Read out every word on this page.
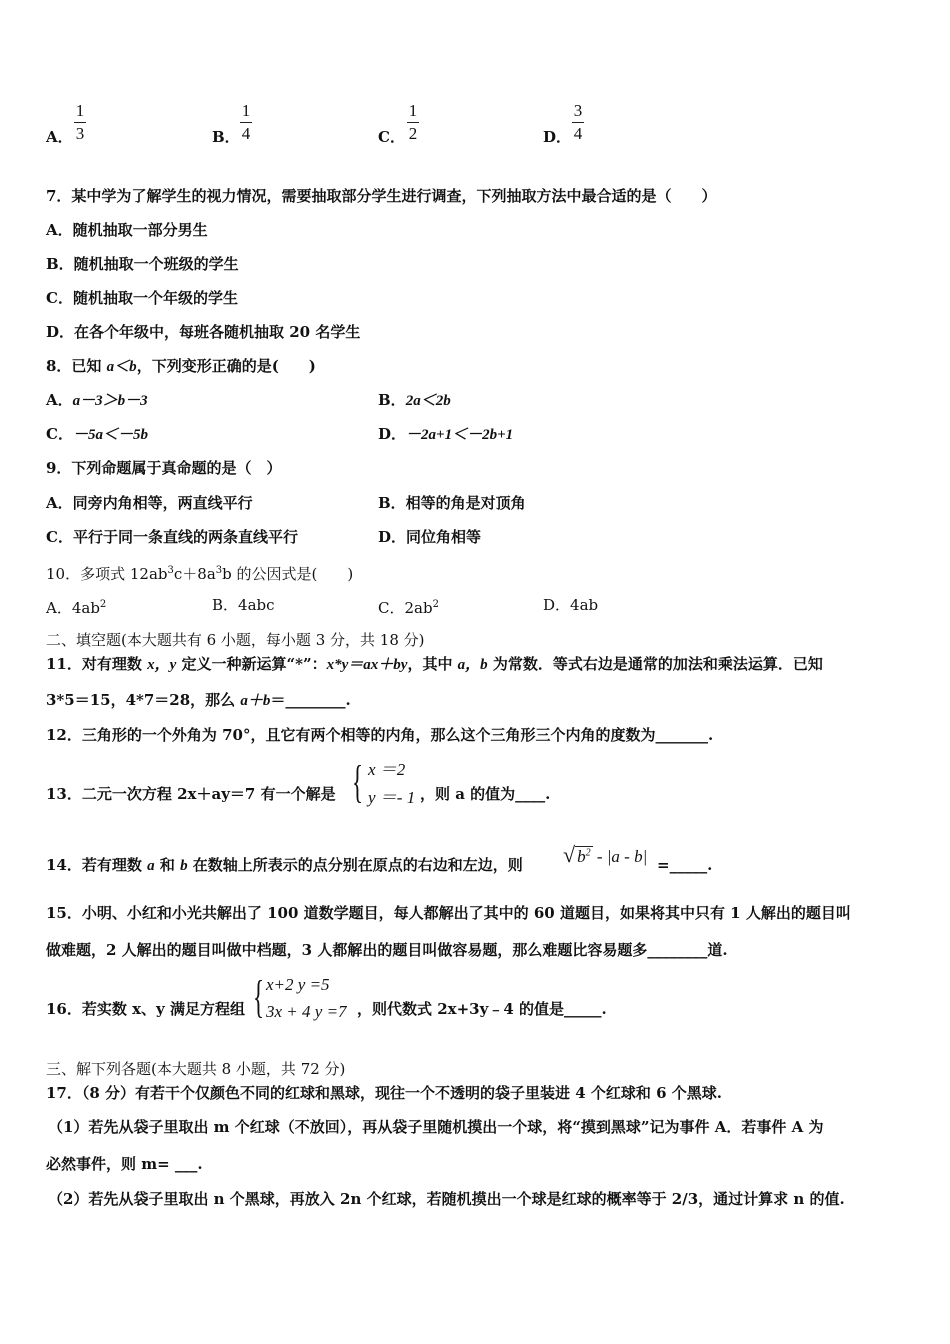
A．
1
3	B．
1
4	C．
1
2	D．
3
4
7．某中学为了解学生的视力情况，需要抽取部分学生进行调查，下列抽取方法中最合适的是（　　）
A．随机抽取一部分男生
B．随机抽取一个班级的学生
C．随机抽取一个年级的学生
D．在各个年级中，每班各随机抽取 20 名学生
8．已知 a＜b，下列变形正确的是(　　)
A．a－3＞b－3	B．2a＜2b
C．－5a＜－5b	D．－2a+1＜－2b+1
9．下列命题属于真命题的是（　）
A．同旁内角相等，两直线平行	B．相等的角是对顶角
C．平行于同一条直线的两条直线平行	D．同位角相等
10．多项式 $12ab^3c+8a^3b$ 的公因式是(　　)
A．$4ab^2$	B．4abc	C．$2ab^2$	D．4ab
二、填空题(本大题共有 6 小题，每小题 3 分，共 18 分)
11．对有理数 x，y 定义一种新运算“*”：x*y＝ax＋by，其中 a，b 为常数．等式右边是通常的加法和乘法运算．已知
3*5＝15，4*7＝28，那么 a＋b＝________.
12．三角形的一个外角为 70°，且它有两个相等的内角，那么这个三角形三个内角的度数为_______.
13．二元一次方程 2x＋ay＝7 有一个解是 { x ＝2
y ＝- 1 ，则 a 的值为____.
14．若有理数 a 和 b 在数轴上所表示的点分别在原点的右边和左边，则 √ $b^2 - |a - b|$ =_____.
15．小明、小红和小光共解出了 100 道数学题目，每人都解出了其中的 60 道题目，如果将其中只有 1 人解出的题目叫
做难题，2 人解出的题目叫做中档题，3 人都解出的题目叫做容易题，那么难题比容易题多________道.
16．若实数 x、y 满足方程组 { x+2 y =5
3x + 4 y =7 ，则代数式 2x+3y﹣4 的值是_____.
三、解下列各题(本大题共 8 小题，共 72 分)
17．（8 分）有若干个仅颜色不同的红球和黑球，现往一个不透明的袋子里装进 4 个红球和 6 个黑球.
（1）若先从袋子里取出 m 个红球（不放回），再从袋子里随机摸出一个球，将“摸到黑球”记为事件 A．若事件 A 为
必然事件，则 m= ___.
（2）若先从袋子里取出 n 个黑球，再放入 2n 个红球，若随机摸出一个球是红球的概率等于 2/3，通过计算求 n 的值.
